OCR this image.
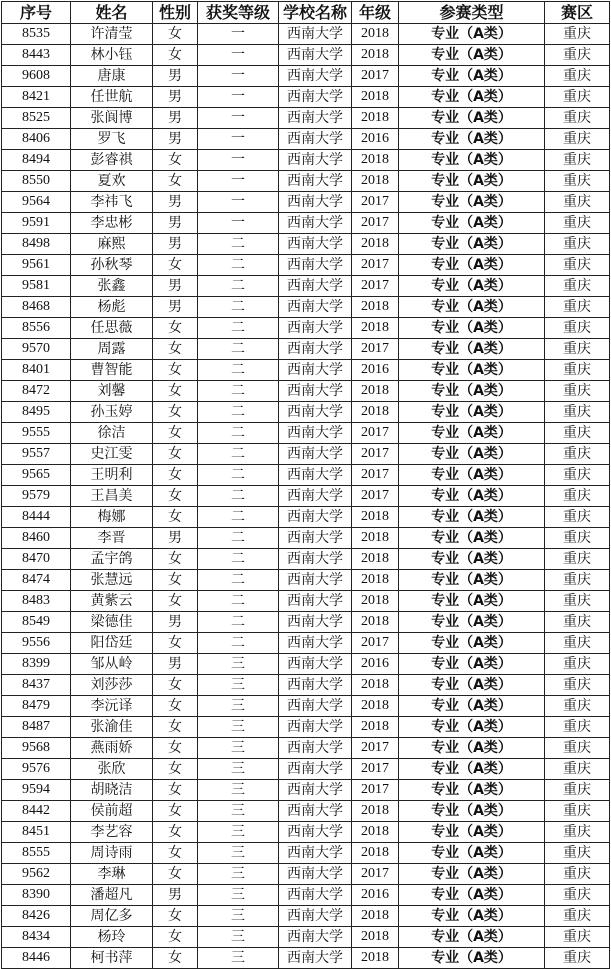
序号	姓名	性别	获奖等级	学校名称	年级	参赛类型	赛区
8535	许清莹	女	一	西南大学	2018	专业（A类）	重庆
8443	林小钰	女	一	西南大学	2018	专业（A类）	重庆
9608	唐康	男	一	西南大学	2017	专业（A类）	重庆
8421	任世航	男	一	西南大学	2018	专业（A类）	重庆
8525	张阆博	男	一	西南大学	2018	专业（A类）	重庆
8406	罗飞	男	一	西南大学	2016	专业（A类）	重庆
8494	彭睿祺	女	一	西南大学	2018	专业（A类）	重庆
8550	夏欢	女	一	西南大学	2018	专业（A类）	重庆
9564	李祎飞	男	一	西南大学	2017	专业（A类）	重庆
9591	李忠彬	男	一	西南大学	2017	专业（A类）	重庆
8498	麻熙	男	二	西南大学	2018	专业（A类）	重庆
9561	孙秋琴	女	二	西南大学	2017	专业（A类）	重庆
9581	张鑫	男	二	西南大学	2017	专业（A类）	重庆
8468	杨彪	男	二	西南大学	2018	专业（A类）	重庆
8556	任思薇	女	二	西南大学	2018	专业（A类）	重庆
9570	周露	女	二	西南大学	2017	专业（A类）	重庆
8401	曹智能	女	二	西南大学	2016	专业（A类）	重庆
8472	刘馨	女	二	西南大学	2018	专业（A类）	重庆
8495	孙玉婷	女	二	西南大学	2018	专业（A类）	重庆
9555	徐洁	女	二	西南大学	2017	专业（A类）	重庆
9557	史江雯	女	二	西南大学	2017	专业（A类）	重庆
9565	王明利	女	二	西南大学	2017	专业（A类）	重庆
9579	王昌美	女	二	西南大学	2017	专业（A类）	重庆
8444	梅娜	女	二	西南大学	2018	专业（A类）	重庆
8460	李晋	男	二	西南大学	2018	专业（A类）	重庆
8470	孟宇鸽	女	二	西南大学	2018	专业（A类）	重庆
8474	张慧远	女	二	西南大学	2018	专业（A类）	重庆
8483	黄紫云	女	二	西南大学	2018	专业（A类）	重庆
8549	梁德佳	男	二	西南大学	2018	专业（A类）	重庆
9556	阳岱廷	女	二	西南大学	2017	专业（A类）	重庆
8399	邹从岭	男	三	西南大学	2016	专业（A类）	重庆
8437	刘莎莎	女	三	西南大学	2018	专业（A类）	重庆
8479	李沅译	女	三	西南大学	2018	专业（A类）	重庆
8487	张渝佳	女	三	西南大学	2018	专业（A类）	重庆
9568	燕雨娇	女	三	西南大学	2017	专业（A类）	重庆
9576	张欣	女	三	西南大学	2017	专业（A类）	重庆
9594	胡晓洁	女	三	西南大学	2017	专业（A类）	重庆
8442	侯前超	女	三	西南大学	2018	专业（A类）	重庆
8451	李艺容	女	三	西南大学	2018	专业（A类）	重庆
8555	周诗雨	女	三	西南大学	2018	专业（A类）	重庆
9562	李琳	女	三	西南大学	2017	专业（A类）	重庆
8390	潘超凡	男	三	西南大学	2016	专业（A类）	重庆
8426	周亿多	女	三	西南大学	2018	专业（A类）	重庆
8434	杨玲	女	三	西南大学	2018	专业（A类）	重庆
8446	柯书萍	女	三	西南大学	2018	专业（A类）	重庆
